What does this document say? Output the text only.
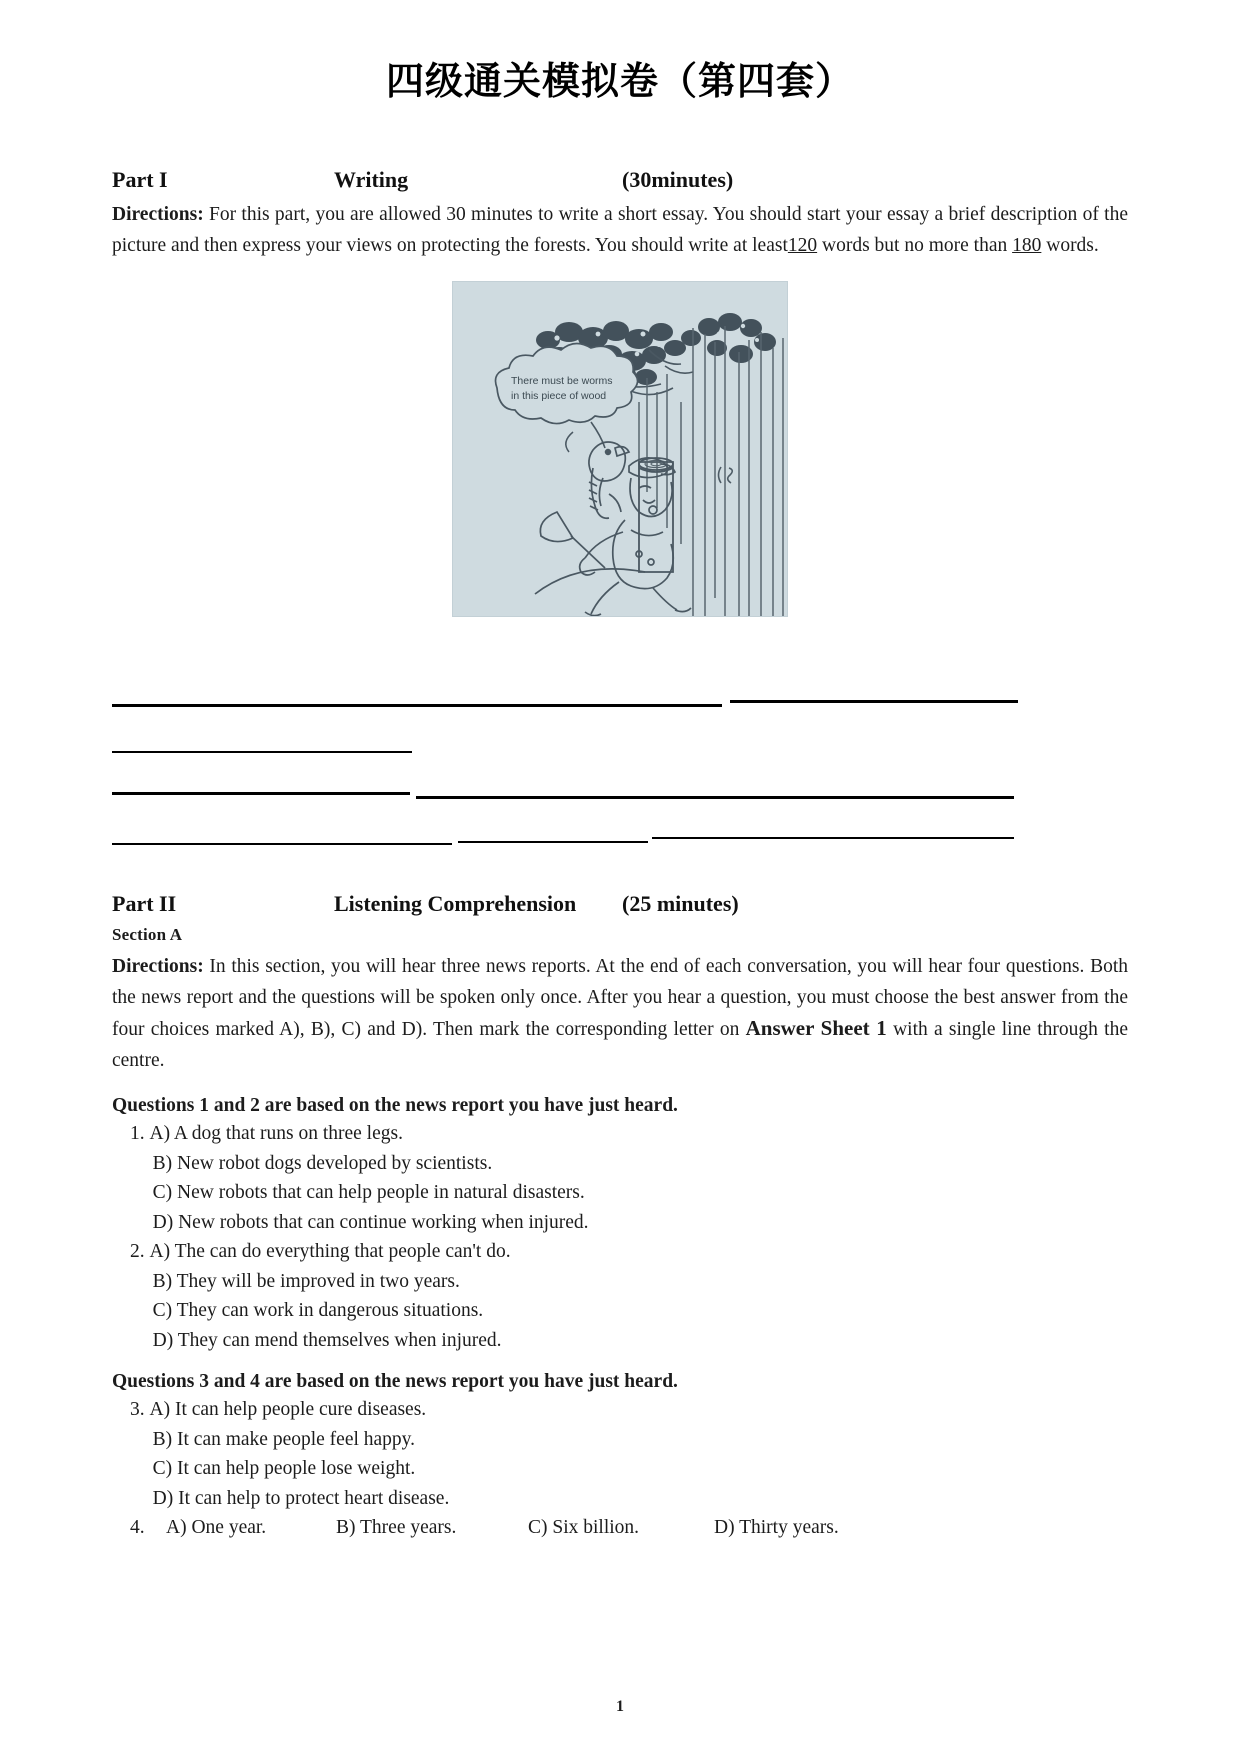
四级通关模拟卷（第四套）
Part I	Writing	(30minutes)

Directions: For this part, you are allowed 30 minutes to write a short essay. You should start your essay a brief description of the picture and then express your views on protecting the forests. You should write at least120 words but no more than 180 words.

There must be worms
in this piece of wood
Part II	Listening Comprehension	(25 minutes)
Section A

Directions: In this section, you will hear three news reports. At the end of each conversation, you will hear four questions. Both the news report and the questions will be spoken only once. After you hear a question, you must choose the best answer from the four choices marked A), B), C) and D). Then mark the corresponding letter on Answer Sheet 1 with a single line through the centre.

Questions 1 and 2 are based on the news report you have just heard.
1. A) A dog that runs on three legs.
B) New robot dogs developed by scientists.
C) New robots that can help people in natural disasters.
D) New robots that can continue working when injured.
2. A) The can do everything that people can't do.
B) They will be improved in two years.
C) They can work in dangerous situations.
D) They can mend themselves when injured.
Questions 3 and 4 are based on the news report you have just heard.
3. A) It can help people cure diseases.
B) It can make people feel happy.
C) It can help people lose weight.
D) It can help to protect heart disease.
4. A) One year.	B) Three years.	C) Six billion.	D) Thirty years.
1
